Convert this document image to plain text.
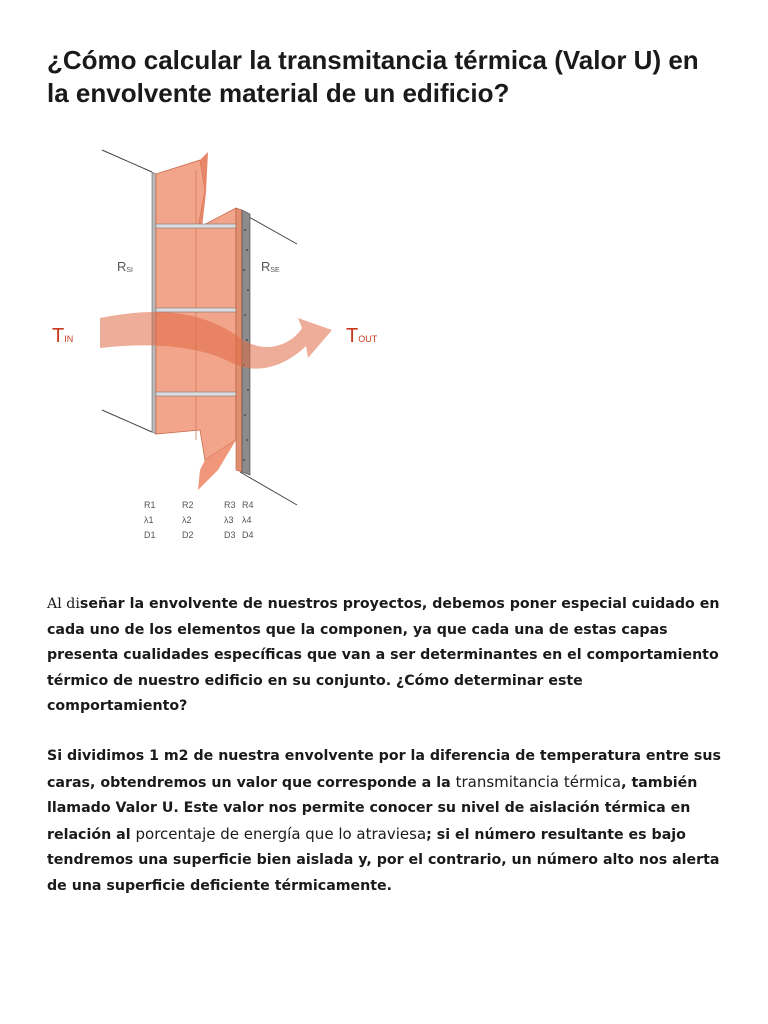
¿Cómo calcular la transmitancia térmica (Valor U) en la envolvente material de un edificio?
RSI	RSE
TIN	TOUT
R1
λ1
D1
R2
λ2
D2
R3
λ3
D3
R4
λ4
D4

Al diseñar la envolvente de nuestros proyectos, debemos poner especial cuidado en cada uno de los elementos que la componen, ya que cada una de estas capas presenta cualidades específicas que van a ser determinantes en el comportamiento térmico de nuestro edificio en su conjunto. ¿Cómo determinar este comportamiento?

Si dividimos 1 m2 de nuestra envolvente por la diferencia de temperatura entre sus caras, obtendremos un valor que corresponde a la transmitancia térmica, también llamado Valor U. Este valor nos permite conocer su nivel de aislación térmica en relación al porcentaje de energía que lo atraviesa; si el número resultante es bajo tendremos una superficie bien aislada y, por el contrario, un número alto nos alerta de una superficie deficiente térmicamente.
